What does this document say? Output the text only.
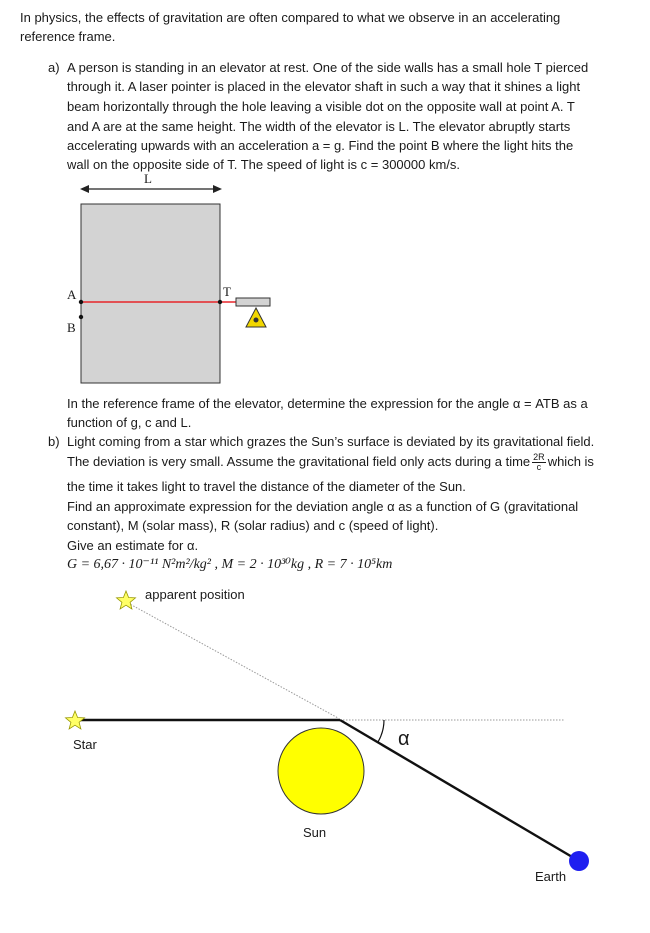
In physics, the effects of gravitation are often compared to what we observe in an accelerating
reference frame.
a) A person is standing in an elevator at rest. One of the side walls has a small hole T pierced
through it. A laser pointer is placed in the elevator shaft in such a way that it shines a light
beam horizontally through the hole leaving a visible dot on the opposite wall at point A. T
and A are at the same height. The width of the elevator is L. The elevator abruptly starts
accelerating upwards with an acceleration a = g. Find the point B where the light hits the
wall on the opposite side of T. The speed of light is c = 300000 km/s.
L
A
B
T
In the reference frame of the elevator, determine the expression for the angle α = ATB as a
function of g, c and L.
b) Light coming from a star which grazes the Sun’s surface is deviated by its gravitational field.
The deviation is very small. Assume the gravitational field only acts during a time $\frac{2R}{c}$ which is
the time it takes light to travel the distance of the diameter of the Sun.
Find an approximate expression for the deviation angle α as a function of G (gravitational
constant), M (solar mass), R (solar radius) and c (speed of light).
Give an estimate for α.
G = 6,67 · 10⁻¹¹ N²m²/kg² , M = 2 · 10³⁰kg , R = 7 · 10⁵km
apparent position
Star	α
Sun
Earth
